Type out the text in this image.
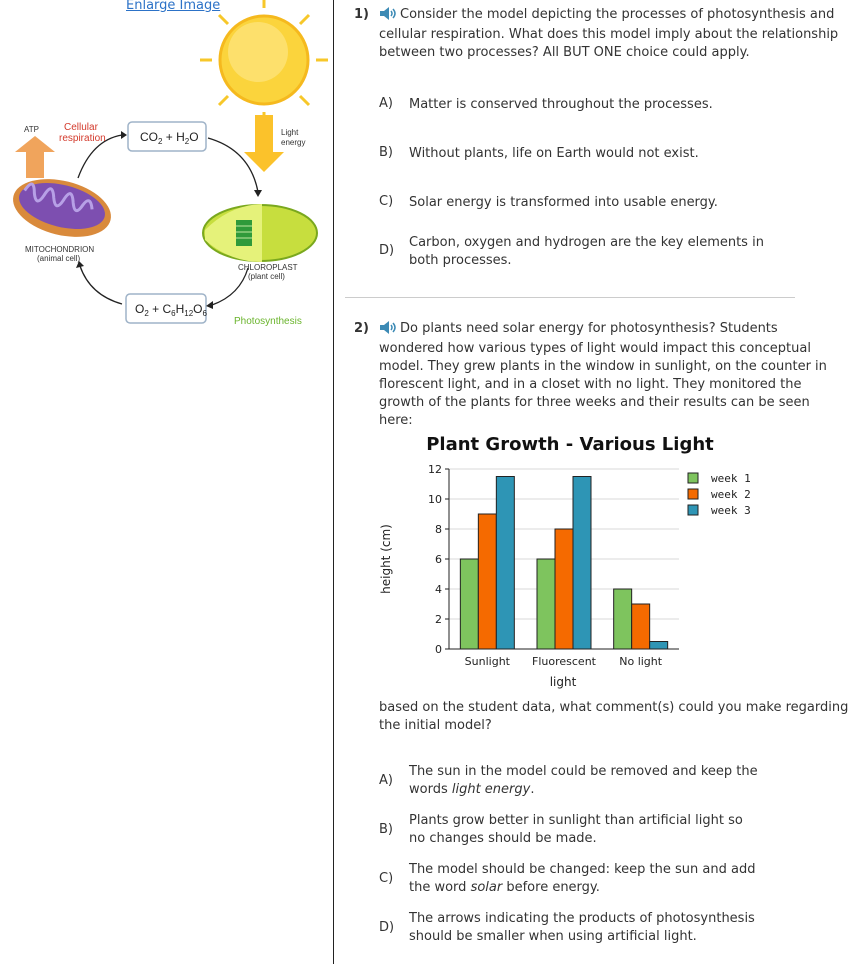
Enlarge Image
Light
energy
$CO_2 + H_2O$
$O_2 + C_6H_{12}O_6$
ATP	Cellular
respiration
MITOCHONDRION
(animal cell)
CHLOROPLAST
(plant cell)
Photosynthesis
1)	Consider the model depicting the processes of photosynthesis and
cellular respiration. What does this model imply about the relationship
between two processes? All BUT ONE choice could apply.
A) Matter is conserved throughout the processes.
B) Without plants, life on Earth would not exist.
C) Solar energy is transformed into usable energy.
D)
Carbon, oxygen and hydrogen are the key elements in
both processes.
2)	Do plants need solar energy for photosynthesis? Students
wondered how various types of light would impact this conceptual
model. They grew plants in the window in sunlight, on the counter in
florescent light, and in a closet with no light. They monitored the
growth of the plants for three weeks and their results can be seen
here:
Plant Growth - Various Light
0
2
4
6
8
10
12
Sunlight Fluorescent No light
week 1
week 2
week 3
light
height (cm)
based on the student data, what comment(s) could you make regarding
the initial model?
A)
The sun in the model could be removed and keep the
words light energy.
B)
Plants grow better in sunlight than artificial light so
no changes should be made.
C)
The model should be changed: keep the sun and add
the word solar before energy.
D)
The arrows indicating the products of photosynthesis
should be smaller when using artificial light.
